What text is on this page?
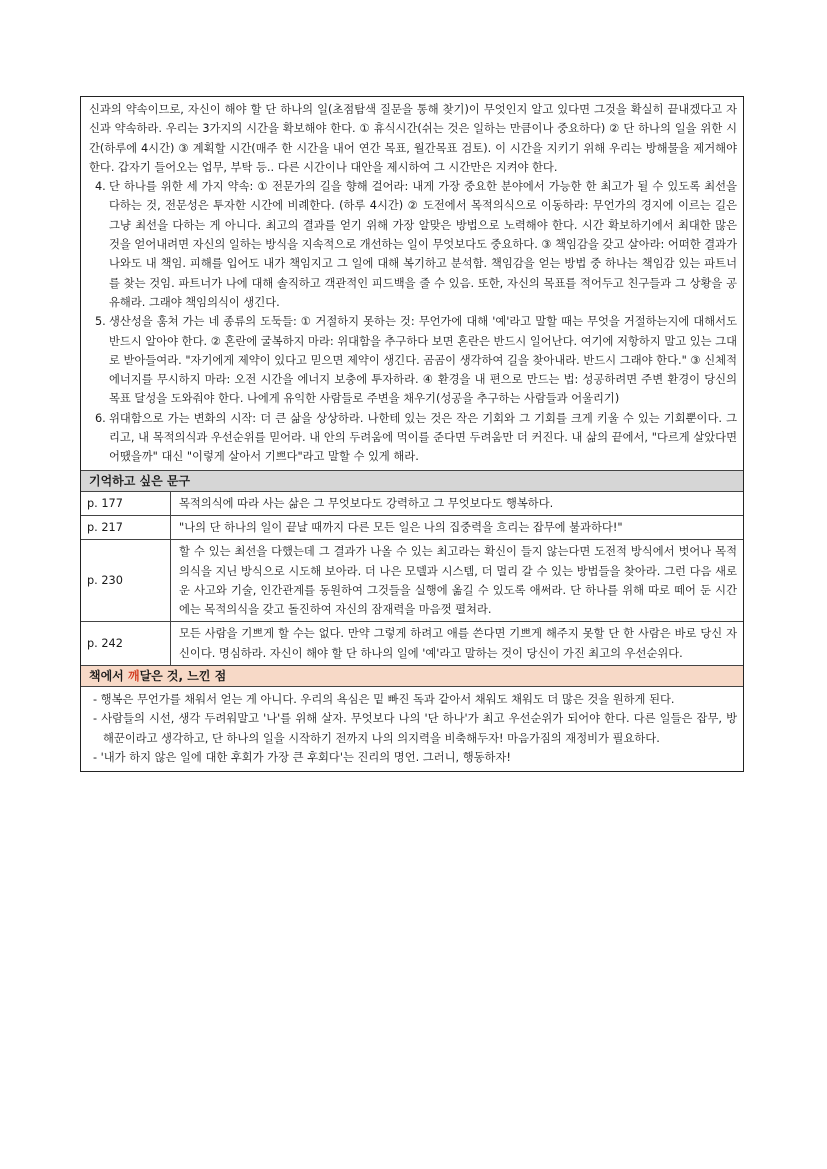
신과의 약속이므로, 자신이 해야 할 단 하나의 일(초점탐색 질문을 통해 찾기)이 무엇인지 알고 있다면 그것을 확실히 끝내겠다고 자신과 약속하라. 우리는 3가지의 시간을 확보해야 한다. ① 휴식시간(쉬는 것은 일하는 만큼이나 중요하다) ② 단 하나의 일을 위한 시간(하루에 4시간) ③ 계획할 시간(매주 한 시간을 내어 연간 목표, 월간목표 검토). 이 시간을 지키기 위해 우리는 방해물을 제거해야 한다. 갑자기 들어오는 업무, 부탁 등.. 다른 시간이나 대안을 제시하여 그 시간만은 지켜야 한다.

4. 단 하나를 위한 세 가지 약속: ① 전문가의 길을 향해 걸어라: 내게 가장 중요한 분야에서 가능한 한 최고가 될 수 있도록 최선을 다하는 것, 전문성은 투자한 시간에 비례한다. (하루 4시간) ② 도전에서 목적의식으로 이동하라: 무언가의 경지에 이르는 길은 그냥 최선을 다하는 게 아니다. 최고의 결과를 얻기 위해 가장 알맞은 방법으로 노력해야 한다. 시간 확보하기에서 최대한 많은 것을 얻어내려면 자신의 일하는 방식을 지속적으로 개선하는 일이 무엇보다도 중요하다. ③ 책임감을 갖고 살아라: 어떠한 결과가 나와도 내 책임. 피해를 입어도 내가 책임지고 그 일에 대해 복기하고 분석함. 책임감을 얻는 방법 중 하나는 책임감 있는 파트너를 찾는 것임. 파트너가 나에 대해 솔직하고 객관적인 피드백을 줄 수 있음. 또한, 자신의 목표를 적어두고 친구들과 그 상황을 공유해라. 그래야 책임의식이 생긴다.

5. 생산성을 훔쳐 가는 네 종류의 도둑들: ① 거절하지 못하는 것: 무언가에 대해 '예'라고 말할 때는 무엇을 거절하는지에 대해서도 반드시 알아야 한다. ② 혼란에 굴복하지 마라: 위대함을 추구하다 보면 혼란은 반드시 일어난다. 여기에 저항하지 말고 있는 그대로 받아들여라. "자기에게 제약이 있다고 믿으면 제약이 생긴다. 곰곰이 생각하여 길을 찾아내라. 반드시 그래야 한다." ③ 신체적 에너지를 무시하지 마라: 오전 시간을 에너지 보충에 투자하라. ④ 환경을 내 편으로 만드는 법: 성공하려면 주변 환경이 당신의 목표 달성을 도와줘야 한다. 나에게 유익한 사람들로 주변을 채우기(성공을 추구하는 사람들과 어울리기)

6. 위대함으로 가는 변화의 시작: 더 큰 삶을 상상하라. 나한테 있는 것은 작은 기회와 그 기회를 크게 키울 수 있는 기회뿐이다. 그리고, 내 목적의식과 우선순위를 믿어라. 내 안의 두려움에 먹이를 준다면 두려움만 더 커진다. 내 삶의 끝에서, "다르게 살았다면 어땠을까" 대신 "이렇게 살아서 기쁘다"라고 말할 수 있게 해라.

기억하고 싶은 문구
p. 177	목적의식에 따라 사는 삶은 그 무엇보다도 강력하고 그 무엇보다도 행복하다.
p. 217	"나의 단 하나의 일이 끝날 때까지 다른 모든 일은 나의 집중력을 흐리는 잡무에 불과하다!"
p. 230	할 수 있는 최선을 다했는데 그 결과가 나올 수 있는 최고라는 확신이 들지 않는다면 도전적 방식에서 벗어나 목적의식을 지닌 방식으로 시도해 보아라. 더 나은 모델과 시스템, 더 멀리 갈 수 있는 방법들을 찾아라. 그런 다음 새로운 사고와 기술, 인간관계를 동원하여 그것들을 실행에 옮길 수 있도록 애써라. 단 하나를 위해 따로 떼어 둔 시간에는 목적의식을 갖고 돌진하여 자신의 잠재력을 마음껏 펼쳐라.
p. 242	모든 사람을 기쁘게 할 수는 없다. 만약 그렇게 하려고 애를 쓴다면 기쁘게 해주지 못할 단 한 사람은 바로 당신 자신이다. 명심하라. 자신이 해야 할 단 하나의 일에 '예'라고 말하는 것이 당신이 가진 최고의 우선순위다.
책에서 깨달은 것, 느낀 점

- 행복은 무언가를 채워서 얻는 게 아니다. 우리의 욕심은 밑 빠진 독과 같아서 채워도 채워도 더 많은 것을 원하게 된다.

- 사람들의 시선, 생각 두려워말고 '나'를 위해 살자. 무엇보다 나의 '단 하나'가 최고 우선순위가 되어야 한다. 다른 일들은 잡무, 방해꾼이라고 생각하고, 단 하나의 일을 시작하기 전까지 나의 의지력을 비축해두자! 마음가짐의 재정비가 필요하다.

- '내가 하지 않은 일에 대한 후회가 가장 큰 후회다'는 진리의 명언. 그러니, 행동하자!
